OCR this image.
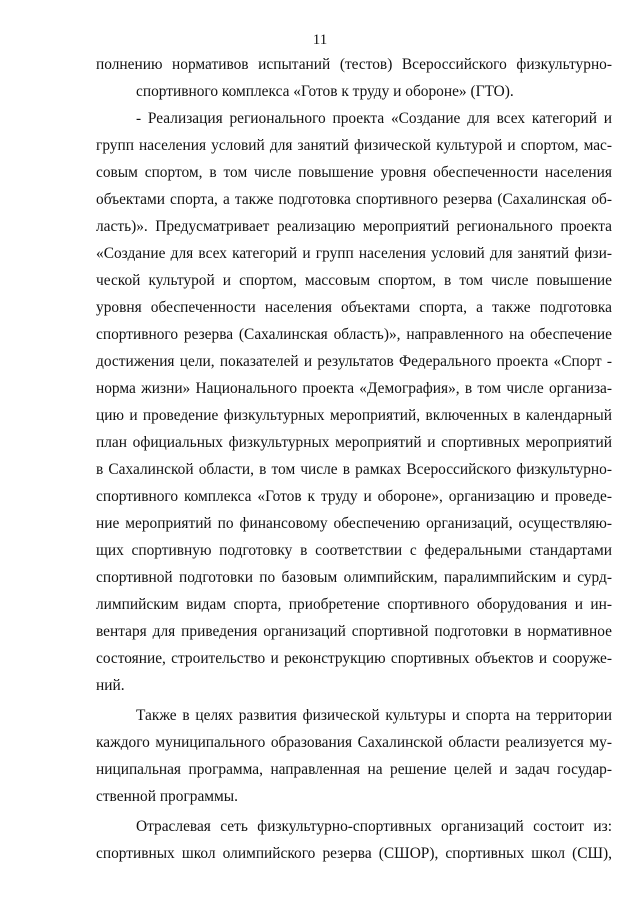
11
полнению нормативов испытаний (тестов) Всероссийского физкультурно-
спортивного комплекса «Готов к труду и обороне» (ГТО).
- Реализация регионального проекта «Создание для всех категорий и
групп населения условий для занятий физической культурой и спортом, мас-
совым спортом, в том числе повышение уровня обеспеченности населения
объектами спорта, а также подготовка спортивного резерва (Сахалинская об-
ласть)». Предусматривает реализацию мероприятий регионального проекта
«Создание для всех категорий и групп населения условий для занятий физи-
ческой культурой и спортом, массовым спортом, в том числе повышение
уровня обеспеченности населения объектами спорта, а также подготовка
спортивного резерва (Сахалинская область)», направленного на обеспечение
достижения цели, показателей и результатов Федерального проекта «Спорт -
норма жизни» Национального проекта «Демография», в том числе организа-
цию и проведение физкультурных мероприятий, включенных в календарный
план официальных физкультурных мероприятий и спортивных мероприятий
в Сахалинской области, в том числе в рамках Всероссийского физкультурно-
спортивного комплекса «Готов к труду и обороне», организацию и проведе-
ние мероприятий по финансовому обеспечению организаций, осуществляю-
щих спортивную подготовку в соответствии с федеральными стандартами
спортивной подготовки по базовым олимпийским, паралимпийским и сурд-
лимпийским видам спорта, приобретение спортивного оборудования и ин-
вентаря для приведения организаций спортивной подготовки в нормативное
состояние, строительство и реконструкцию спортивных объектов и сооруже-
ний.
Также в целях развития физической культуры и спорта на территории
каждого муниципального образования Сахалинской области реализуется му-
ниципальная программа, направленная на решение целей и задач государ-
ственной программы.
Отраслевая сеть физкультурно-спортивных организаций состоит из:
спортивных школ олимпийского резерва (СШОР), спортивных школ (СШ),
